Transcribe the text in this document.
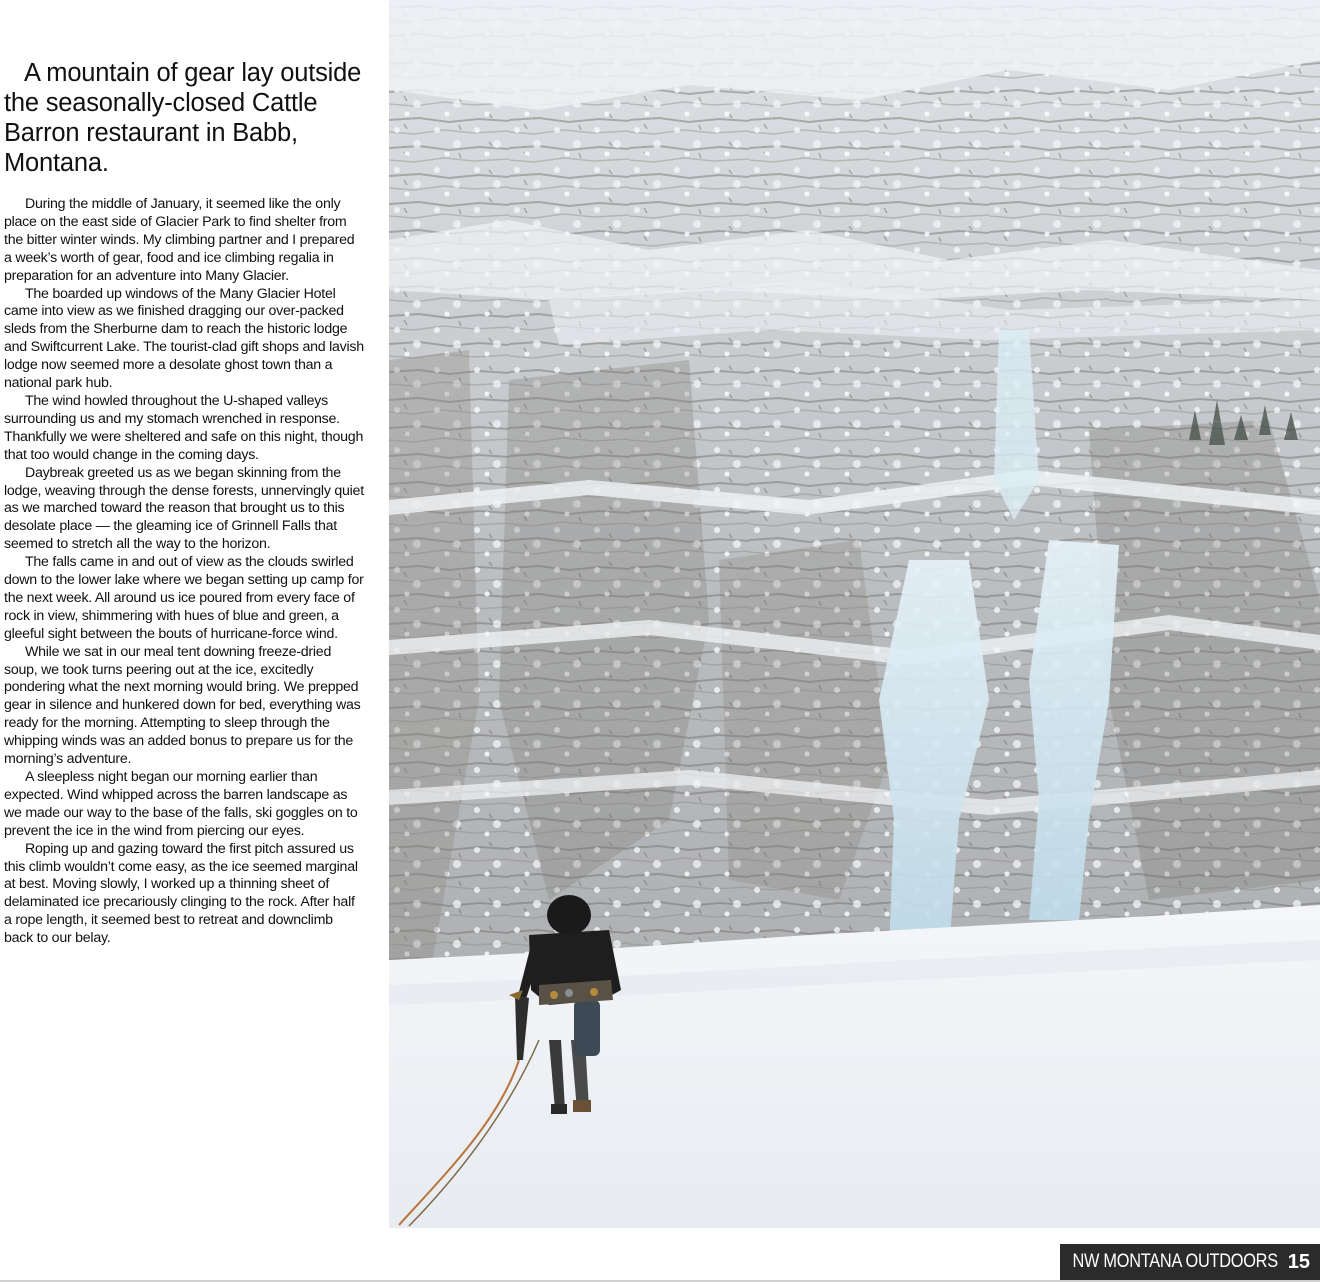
A mountain of gear lay outside the seasonally-closed Cattle Barron restaurant in Babb, Montana.

During the middle of January, it seemed like the only place on the east side of Glacier Park to find shelter from the bitter winter winds. My climbing partner and I prepared a week’s worth of gear, food and ice climbing regalia in preparation for an adventure into Many Glacier.

The boarded up windows of the Many Glacier Hotel came into view as we finished dragging our over-packed sleds from the Sherburne dam to reach the historic lodge and Swiftcurrent Lake. The tourist-clad gift shops and lavish lodge now seemed more a desolate ghost town than a national park hub.

The wind howled throughout the U-shaped valleys surrounding us and my stomach wrenched in response. Thankfully we were sheltered and safe on this night, though that too would change in the coming days.

Daybreak greeted us as we began skinning from the lodge, weaving through the dense forests, unnervingly quiet as we marched toward the reason that brought us to this desolate place — the gleaming ice of Grinnell Falls that seemed to stretch all the way to the horizon.

The falls came in and out of view as the clouds swirled down to the lower lake where we began setting up camp for the next week. All around us ice poured from every face of rock in view, shimmering with hues of blue and green, a gleeful sight between the bouts of hurricane-force wind.

While we sat in our meal tent downing freeze-dried soup, we took turns peering out at the ice, excitedly pondering what the next morning would bring. We prepped gear in silence and hunkered down for bed, everything was ready for the morning. Attempting to sleep through the whipping winds was an added bonus to prepare us for the morning’s adventure.

A sleepless night began our morning earlier than expected. Wind whipped across the barren landscape as we made our way to the base of the falls, ski goggles on to prevent the ice in the wind from piercing our eyes.

Roping up and gazing toward the first pitch assured us this climb wouldn’t come easy, as the ice seemed marginal at best. Moving slowly, I worked up a thinning sheet of delaminated ice precariously clinging to the rock. After half a rope length, it seemed best to retreat and downclimb back to our belay.

NW MONTANA OUTDOORS 15
